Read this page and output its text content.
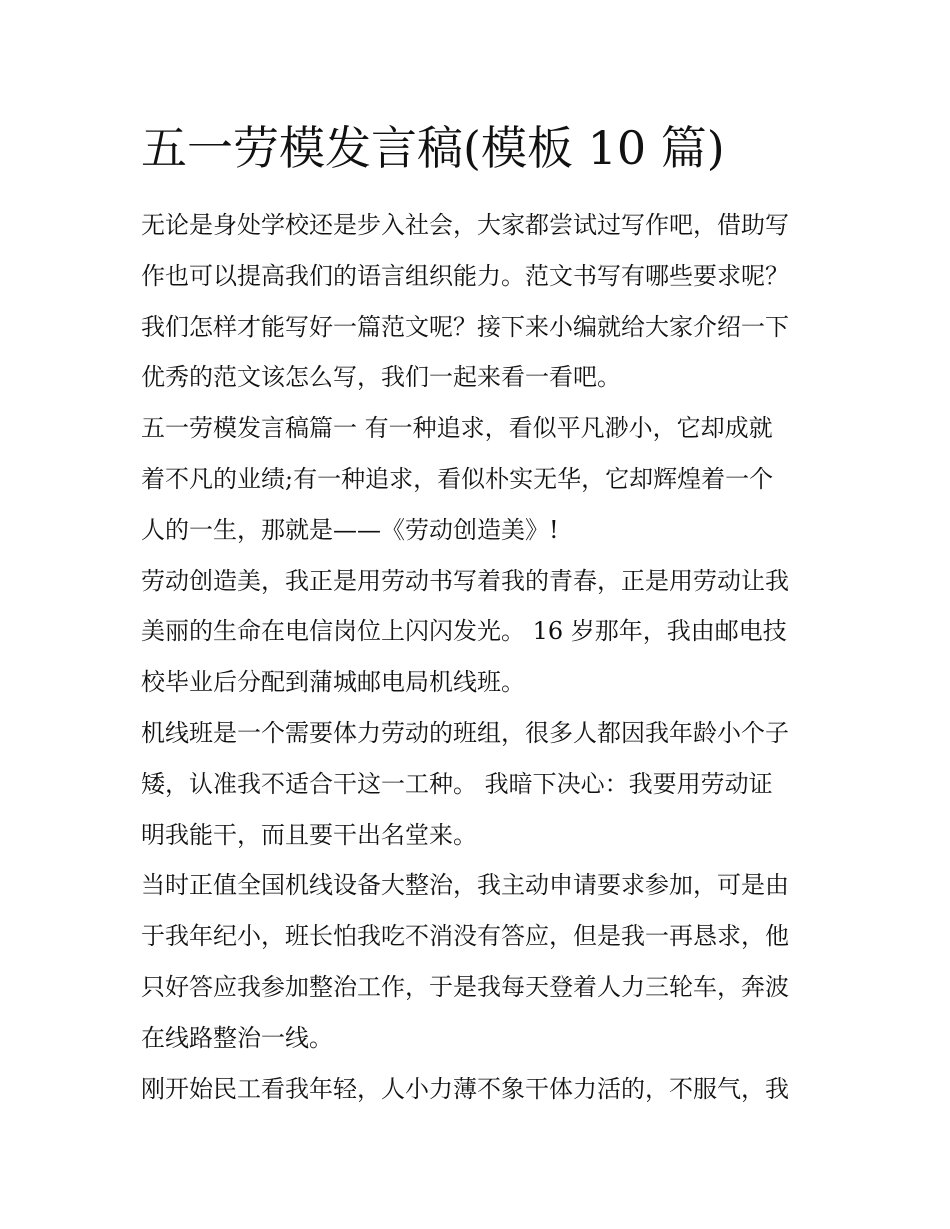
五一劳模发言稿(模板 10 篇)
无论是身处学校还是步入社会，大家都尝试过写作吧，借助写
作也可以提高我们的语言组织能力。范文书写有哪些要求呢？
我们怎样才能写好一篇范文呢？接下来小编就给大家介绍一下
优秀的范文该怎么写，我们一起来看一看吧。
五一劳模发言稿篇一 有一种追求，看似平凡渺小，它却成就
着不凡的业绩;有一种追求，看似朴实无华，它却辉煌着一个
人的一生，那就是——《劳动创造美》!
劳动创造美，我正是用劳动书写着我的青春，正是用劳动让我
美丽的生命在电信岗位上闪闪发光。 16 岁那年，我由邮电技
校毕业后分配到蒲城邮电局机线班。
机线班是一个需要体力劳动的班组，很多人都因我年龄小个子
矮，认准我不适合干这一工种。 我暗下决心：我要用劳动证
明我能干，而且要干出名堂来。
当时正值全国机线设备大整治，我主动申请要求参加，可是由
于我年纪小，班长怕我吃不消没有答应，但是我一再恳求，他
只好答应我参加整治工作，于是我每天登着人力三轮车，奔波
在线路整治一线。
刚开始民工看我年轻，人小力薄不象干体力活的，不服气，我
